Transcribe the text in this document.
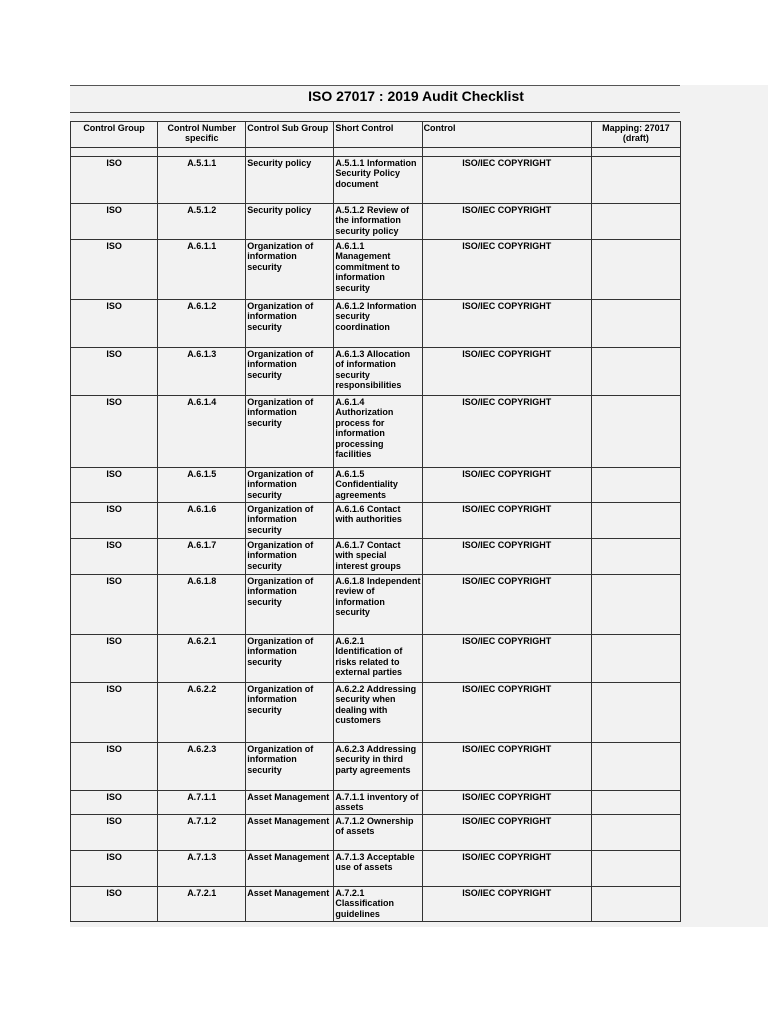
ISO 27017 : 2019 Audit Checklist
Control Group	Control Number specific	Control Sub Group	Short Control	Control	Mapping: 27017 (draft)

ISO	A.5.1.1	Security policy	A.5.1.1 Information Security Policy document	ISO/IEC COPYRIGHT	
ISO	A.5.1.2	Security policy	A.5.1.2 Review of the information security policy	ISO/IEC COPYRIGHT	
ISO	A.6.1.1	Organization of information security	A.6.1.1 Management commitment to information security	ISO/IEC COPYRIGHT	
ISO	A.6.1.2	Organization of information security	A.6.1.2 Information security coordination	ISO/IEC COPYRIGHT	
ISO	A.6.1.3	Organization of information security	A.6.1.3 Allocation of information security responsibilities	ISO/IEC COPYRIGHT	
ISO	A.6.1.4	Organization of information security	A.6.1.4 Authorization process for information processing facilities	ISO/IEC COPYRIGHT	
ISO	A.6.1.5	Organization of information security	A.6.1.5 Confidentiality agreements	ISO/IEC COPYRIGHT	
ISO	A.6.1.6	Organization of information security	A.6.1.6 Contact with authorities	ISO/IEC COPYRIGHT	
ISO	A.6.1.7	Organization of information security	A.6.1.7 Contact with special interest groups	ISO/IEC COPYRIGHT	
ISO	A.6.1.8	Organization of information security	A.6.1.8 Independent review of information security	ISO/IEC COPYRIGHT	
ISO	A.6.2.1	Organization of information security	A.6.2.1 Identification of risks related to external parties	ISO/IEC COPYRIGHT	
ISO	A.6.2.2	Organization of information security	A.6.2.2 Addressing security when dealing with customers	ISO/IEC COPYRIGHT	
ISO	A.6.2.3	Organization of information security	A.6.2.3 Addressing security in third party agreements	ISO/IEC COPYRIGHT	
ISO	A.7.1.1	Asset Management	A.7.1.1 inventory of assets	ISO/IEC COPYRIGHT	
ISO	A.7.1.2	Asset Management	A.7.1.2 Ownership of assets	ISO/IEC COPYRIGHT	
ISO	A.7.1.3	Asset Management	A.7.1.3 Acceptable use of assets	ISO/IEC COPYRIGHT	
ISO	A.7.2.1	Asset Management	A.7.2.1 Classification guidelines	ISO/IEC COPYRIGHT	
